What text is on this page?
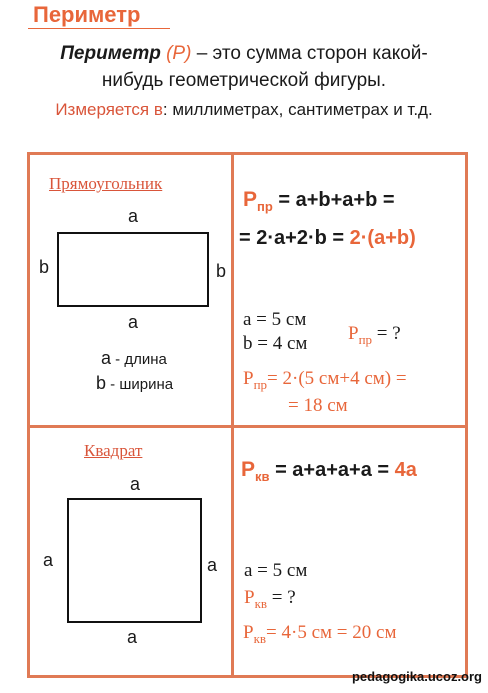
Периметр
Периметр (P) – это сумма сторон какой-
нибудь геометрической фигуры.
Измеряется в: миллиметрах, сантиметрах и т.д.
Прямоугольник
a
b	b
a
a - длина
b - ширина
$P_{пр} = a+b+a+b$ =
= 2·a+2·b = 2·(a+b)
a = 5 см
b = 4 см $P_{пр}$ = ?
$P_{пр}= 2\cdot(5$ см+4 см) =
= 18 см
Квадрат
a
a	a
a
$P_{кв} = a+a+a+a = 4a$
a = 5 см
$P_{кв}$ = ?
$P_{кв}= 4\cdot 5$ см = 20 см
pedagogika.ucoz.org
